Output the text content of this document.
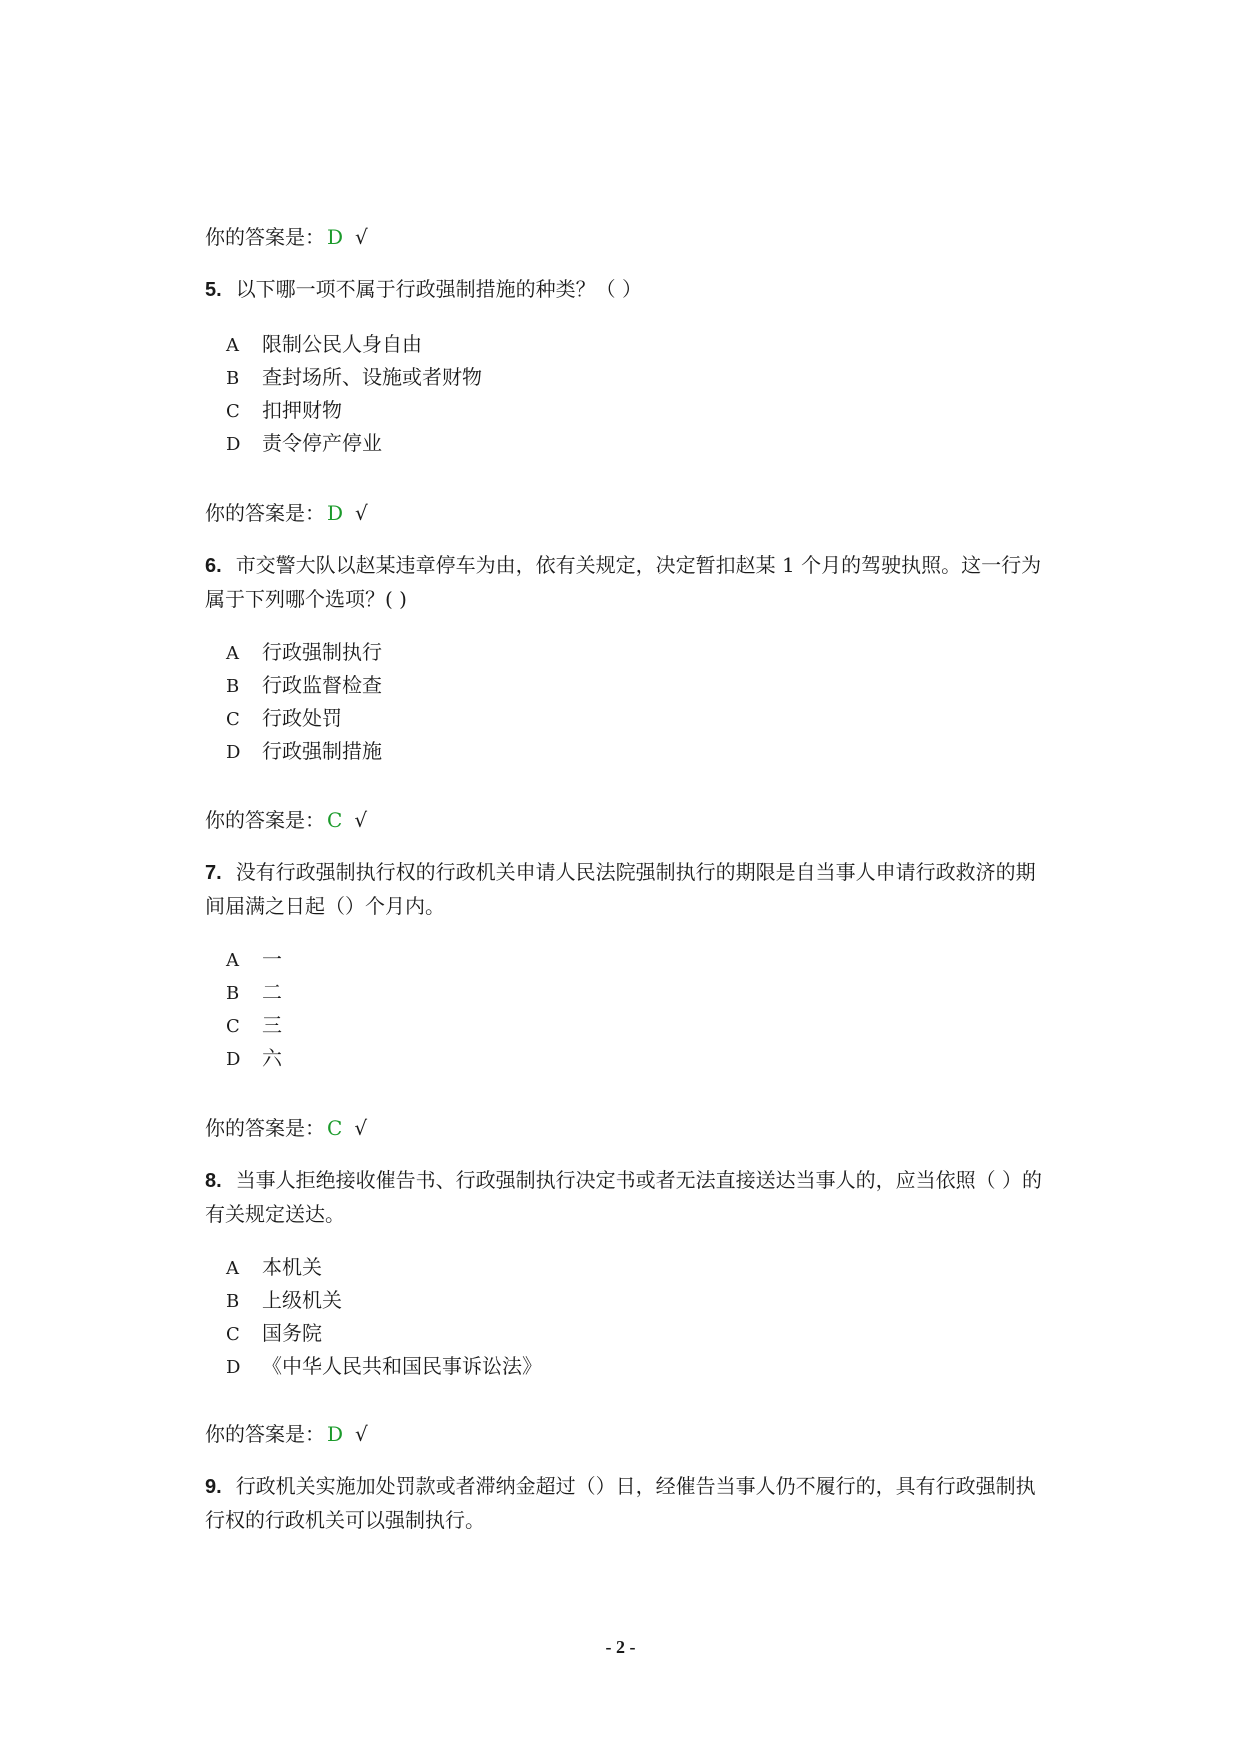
你的答案是： D √
5. 以下哪一项不属于行政强制措施的种类？（ ）
A 限制公民人身自由
B 查封场所、设施或者财物
C 扣押财物
D 责令停产停业
你的答案是： D √
6. 市交警大队以赵某违章停车为由，依有关规定，决定暂扣赵某 1 个月的驾驶执照。这一行为属于下列哪个选项？( )
A 行政强制执行
B 行政监督检查
C 行政处罚
D 行政强制措施
你的答案是： C √
7. 没有行政强制执行权的行政机关申请人民法院强制执行的期限是自当事人申请行政救济的期间届满之日起（）个月内。
A 一
B 二
C 三
D 六
你的答案是： C √
8. 当事人拒绝接收催告书、行政强制执行决定书或者无法直接送达当事人的，应当依照（ ）的有关规定送达。
A 本机关
B 上级机关
C 国务院
D 《中华人民共和国民事诉讼法》
你的答案是： D √
9. 行政机关实施加处罚款或者滞纳金超过（）日，经催告当事人仍不履行的，具有行政强制执行权的行政机关可以强制执行。
- 2 -
